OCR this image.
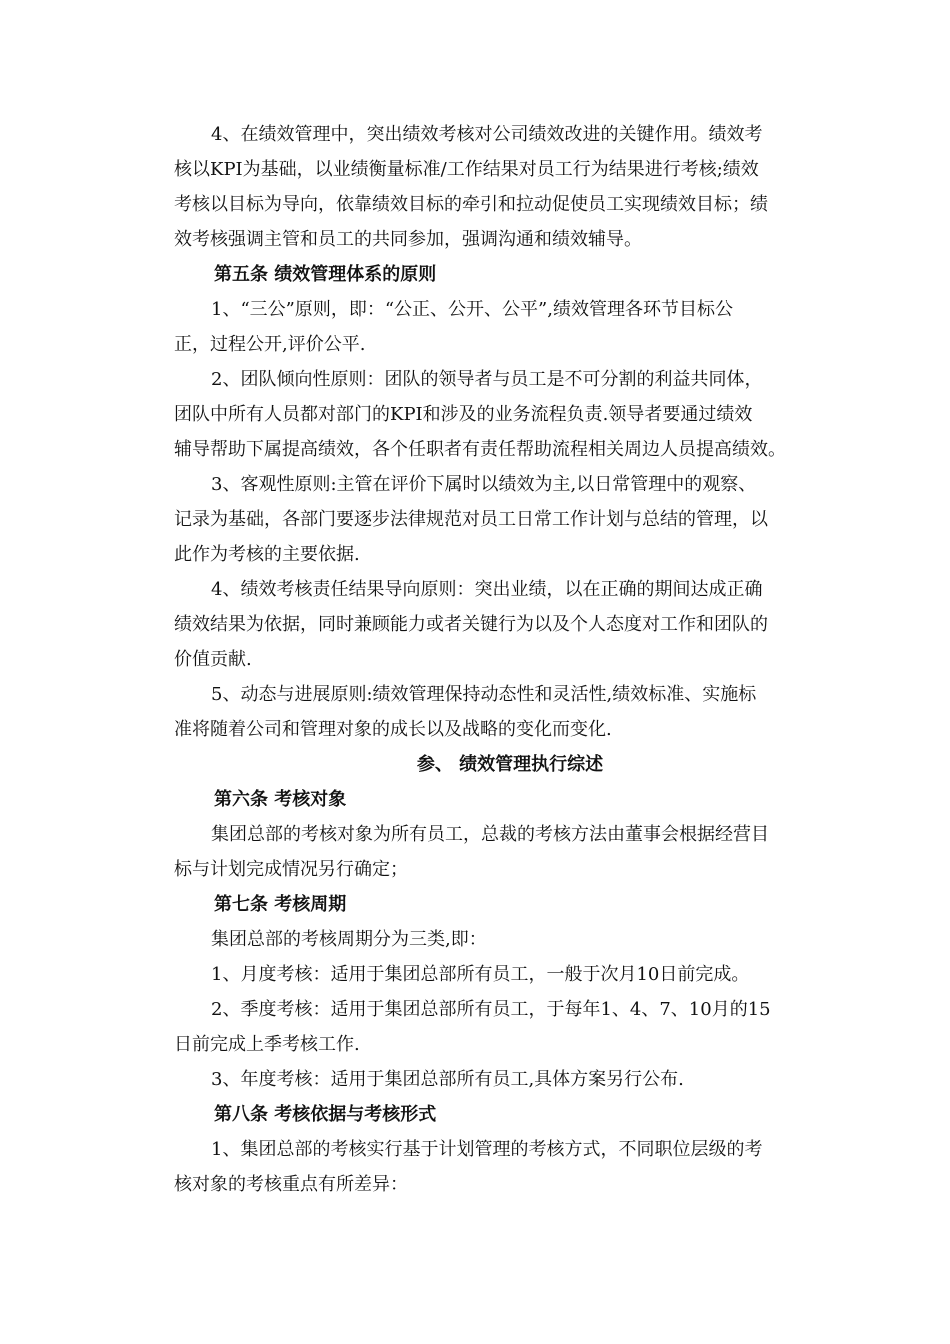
4、在绩效管理中，突出绩效考核对公司绩效改进的关键作用。绩效考
核以KPI为基础，以业绩衡量标准/工作结果对员工行为结果进行考核;绩效
考核以目标为导向，依靠绩效目标的牵引和拉动促使员工实现绩效目标；绩
效考核强调主管和员工的共同参加，强调沟通和绩效辅导。
第五条 绩效管理体系的原则
1、“三公”原则，即：“公正、公开、公平”,绩效管理各环节目标公
正，过程公开,评价公平.
2、团队倾向性原则：团队的领导者与员工是不可分割的利益共同体，
团队中所有人员都对部门的KPI和涉及的业务流程负责.领导者要通过绩效
辅导帮助下属提高绩效，各个任职者有责任帮助流程相关周边人员提高绩效。
3、客观性原则:主管在评价下属时以绩效为主,以日常管理中的观察、
记录为基础，各部门要逐步法律规范对员工日常工作计划与总结的管理，以
此作为考核的主要依据.
4、绩效考核责任结果导向原则：突出业绩，以在正确的期间达成正确
绩效结果为依据，同时兼顾能力或者关键行为以及个人态度对工作和团队的
价值贡献.
5、动态与进展原则:绩效管理保持动态性和灵活性,绩效标准、实施标
准将随着公司和管理对象的成长以及战略的变化而变化.
参、 绩效管理执行综述
第六条 考核对象
集团总部的考核对象为所有员工，总裁的考核方法由董事会根据经营目
标与计划完成情况另行确定；
第七条 考核周期
集团总部的考核周期分为三类,即：
1、月度考核：适用于集团总部所有员工，一般于次月10日前完成。
2、季度考核：适用于集团总部所有员工，于每年1、4、7、10月的15
日前完成上季考核工作.
3、年度考核：适用于集团总部所有员工,具体方案另行公布.
第八条 考核依据与考核形式
1、集团总部的考核实行基于计划管理的考核方式，不同职位层级的考
核对象的考核重点有所差异：
